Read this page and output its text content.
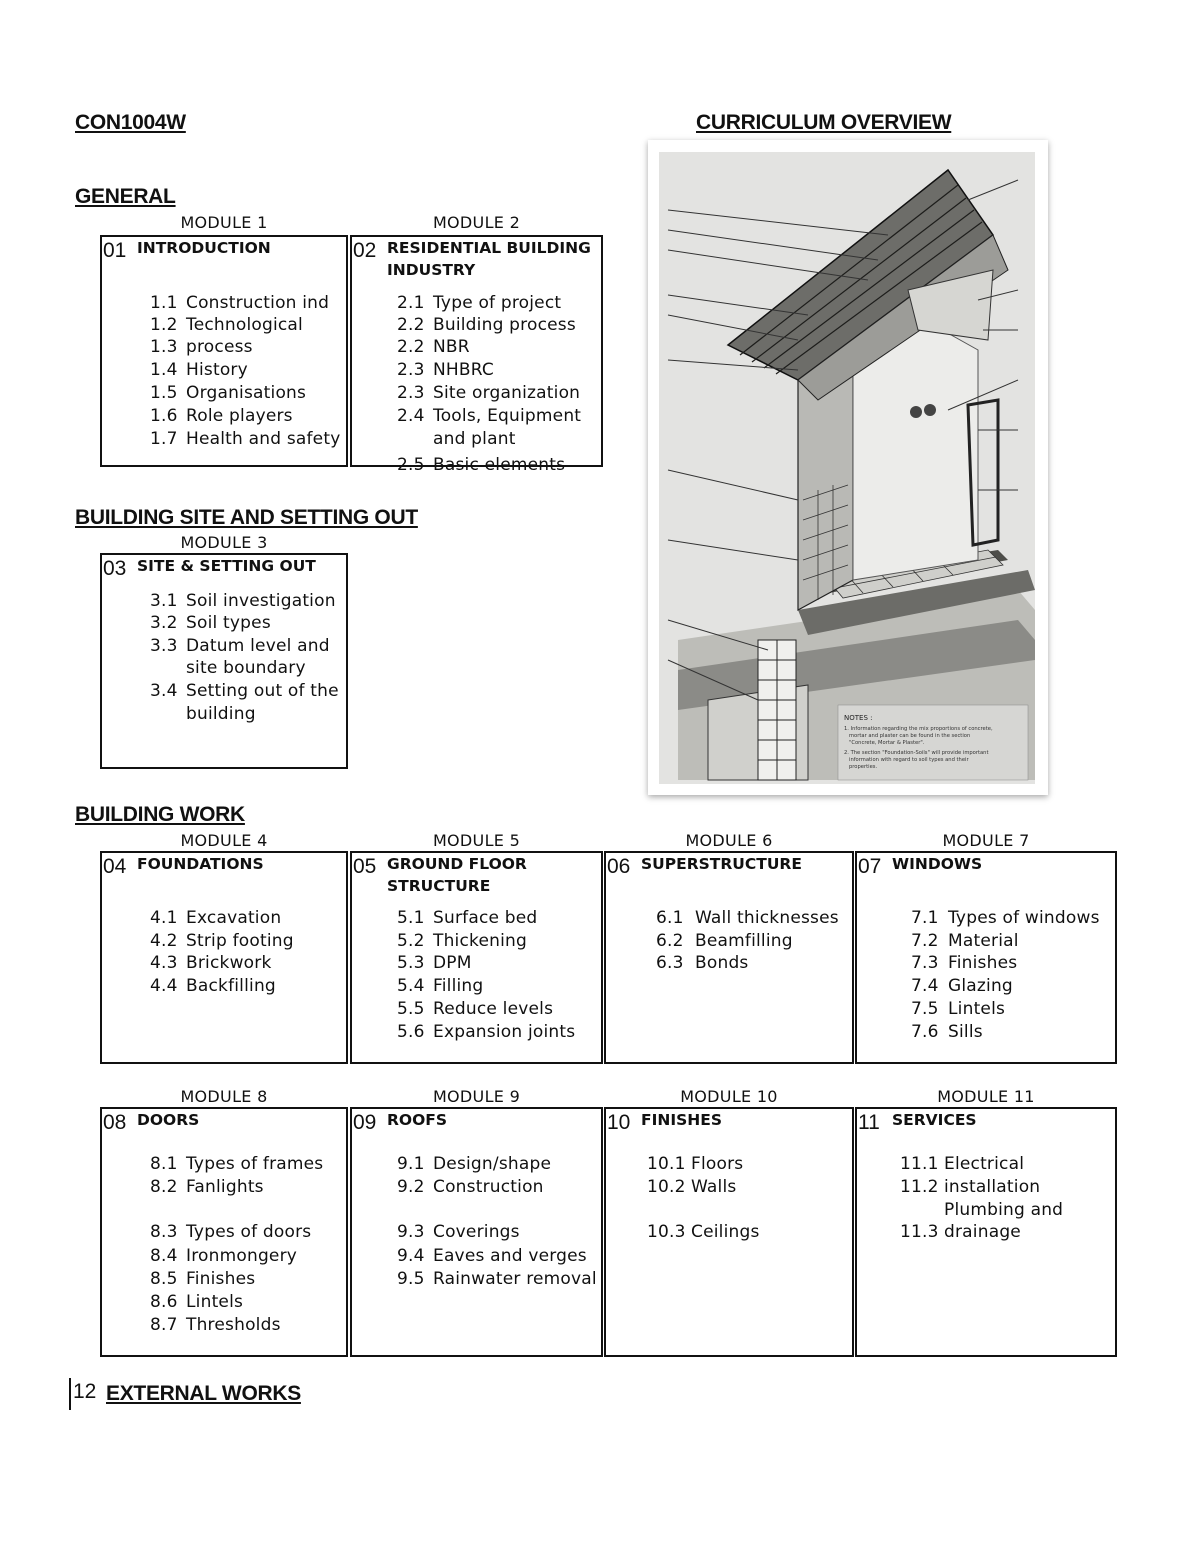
CON1004W	CURRICULUM OVERVIEW
GENERAL
BUILDING SITE AND SETTING OUT
BUILDING WORK
12 EXTERNAL WORKS
MODULE 1
01 INTRODUCTION
1.1 Construction ind
1.2 Technological
1.3 process
1.4 History
1.5 Organisations
1.6 Role players
1.7 Health and safety
MODULE 2
02 RESIDENTIAL BUILDING INDUSTRY
2.1 Type of project
2.2 Building process
2.2 NBR
2.3 NHBRC
2.3 Site organization
2.4 Tools, Equipment
and plant
2.5 Basic elements
MODULE 3
03 SITE & SETTING OUT
3.1 Soil investigation
3.2 Soil types
3.3 Datum level and
site boundary
3.4 Setting out of the
building
MODULE 4
04 FOUNDATIONS
4.1 Excavation
4.2 Strip footing
4.3 Brickwork
4.4 Backfilling
MODULE 5
05 GROUND FLOOR STRUCTURE
5.1 Surface bed
5.2 Thickening
5.3 DPM
5.4 Filling
5.5 Reduce levels
5.6 Expansion joints
MODULE 6
06 SUPERSTRUCTURE
6.1 Wall thicknesses
6.2 Beamfilling
6.3 Bonds
MODULE 7
07 WINDOWS
7.1 Types of windows
7.2 Material
7.3 Finishes
7.4 Glazing
7.5 Lintels
7.6 Sills
MODULE 8
08 DOORS
8.1 Types of frames
8.2 Fanlights
8.3 Types of doors
8.4 Ironmongery
8.5 Finishes
8.6 Lintels
8.7 Thresholds
MODULE 9
09 ROOFS
9.1 Design/shape
9.2 Construction
9.3 Coverings
9.4 Eaves and verges
9.5 Rainwater removal
MODULE 10
10 FINISHES
10.1 Floors
10.2 Walls
10.3 Ceilings
MODULE 11
11 SERVICES
11.1 Electrical
11.2 installation
Plumbing and
11.3 drainage
NOTES :
1. Information regarding the mix proportions of concrete,
mortar and plaster can be found in the section
"Concrete, Mortar & Plaster".
2. The section "Foundation-Soils" will provide important
information with regard to soil types and their
properties.
